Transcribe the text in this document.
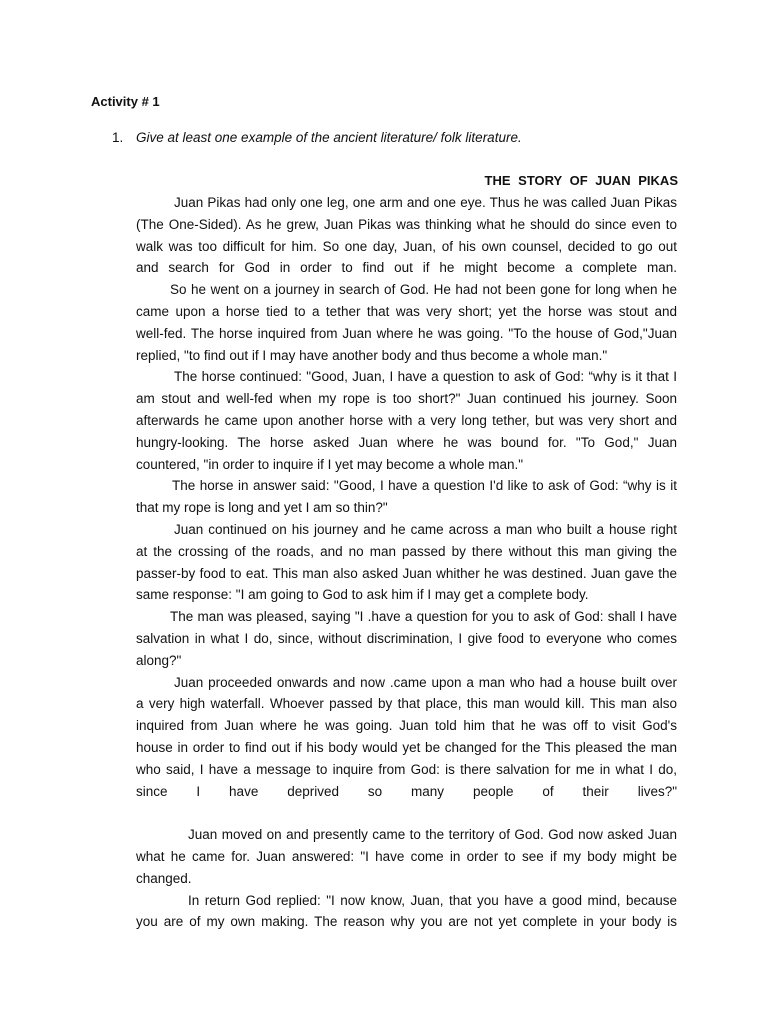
Activity # 1
1. Give at least one example of the ancient literature/ folk literature.
THE STORY OF JUAN PIKAS
Juan Pikas had only one leg, one arm and one eye. Thus he was called Juan Pikas
(The One-Sided). As he grew, Juan Pikas was thinking what he should do since even to
walk was too difficult for him. So one day, Juan, of his own counsel, decided to go out
and search for God in order to find out if he might become a complete man.
So he went on a journey in search of God. He had not been gone for long when he
came upon a horse tied to a tether that was very short; yet the horse was stout and
well-fed. The horse inquired from Juan where he was going. "To the house of God,"Juan
replied, "to find out if I may have another body and thus become a whole man."
The horse continued: "Good, Juan, I have a question to ask of God: “why is it that I
am stout and well-fed when my rope is too short?" Juan continued his journey. Soon
afterwards he came upon another horse with a very long tether, but was very short and
hungry-looking. The horse asked Juan where he was bound for. "To God," Juan
countered, "in order to inquire if I yet may become a whole man."
The horse in answer said: "Good, I have a question I'd like to ask of God: “why is it
that my rope is long and yet I am so thin?"
Juan continued on his journey and he came across a man who built a house right
at the crossing of the roads, and no man passed by there without this man giving the
passer-by food to eat. This man also asked Juan whither he was destined. Juan gave the
same response: "I am going to God to ask him if I may get a complete body.
The man was pleased, saying "I .have a question for you to ask of God: shall I have
salvation in what I do, since, without discrimination, I give food to everyone who comes
along?"
Juan proceeded onwards and now .came upon a man who had a house built over
a very high waterfall. Whoever passed by that place, this man would kill. This man also
inquired from Juan where he was going. Juan told him that he was off to visit God's
house in order to find out if his body would yet be changed for the This pleased the man
who said, I have a message to inquire from God: is there salvation for me in what I do,
since I have deprived so many people of their lives?"
Juan moved on and presently came to the territory of God. God now asked Juan
what he came for. Juan answered: "I have come in order to see if my body might be
changed.
In return God replied: "I now know, Juan, that you have a good mind, because
you are of my own making. The reason why you are not yet complete in your body is
